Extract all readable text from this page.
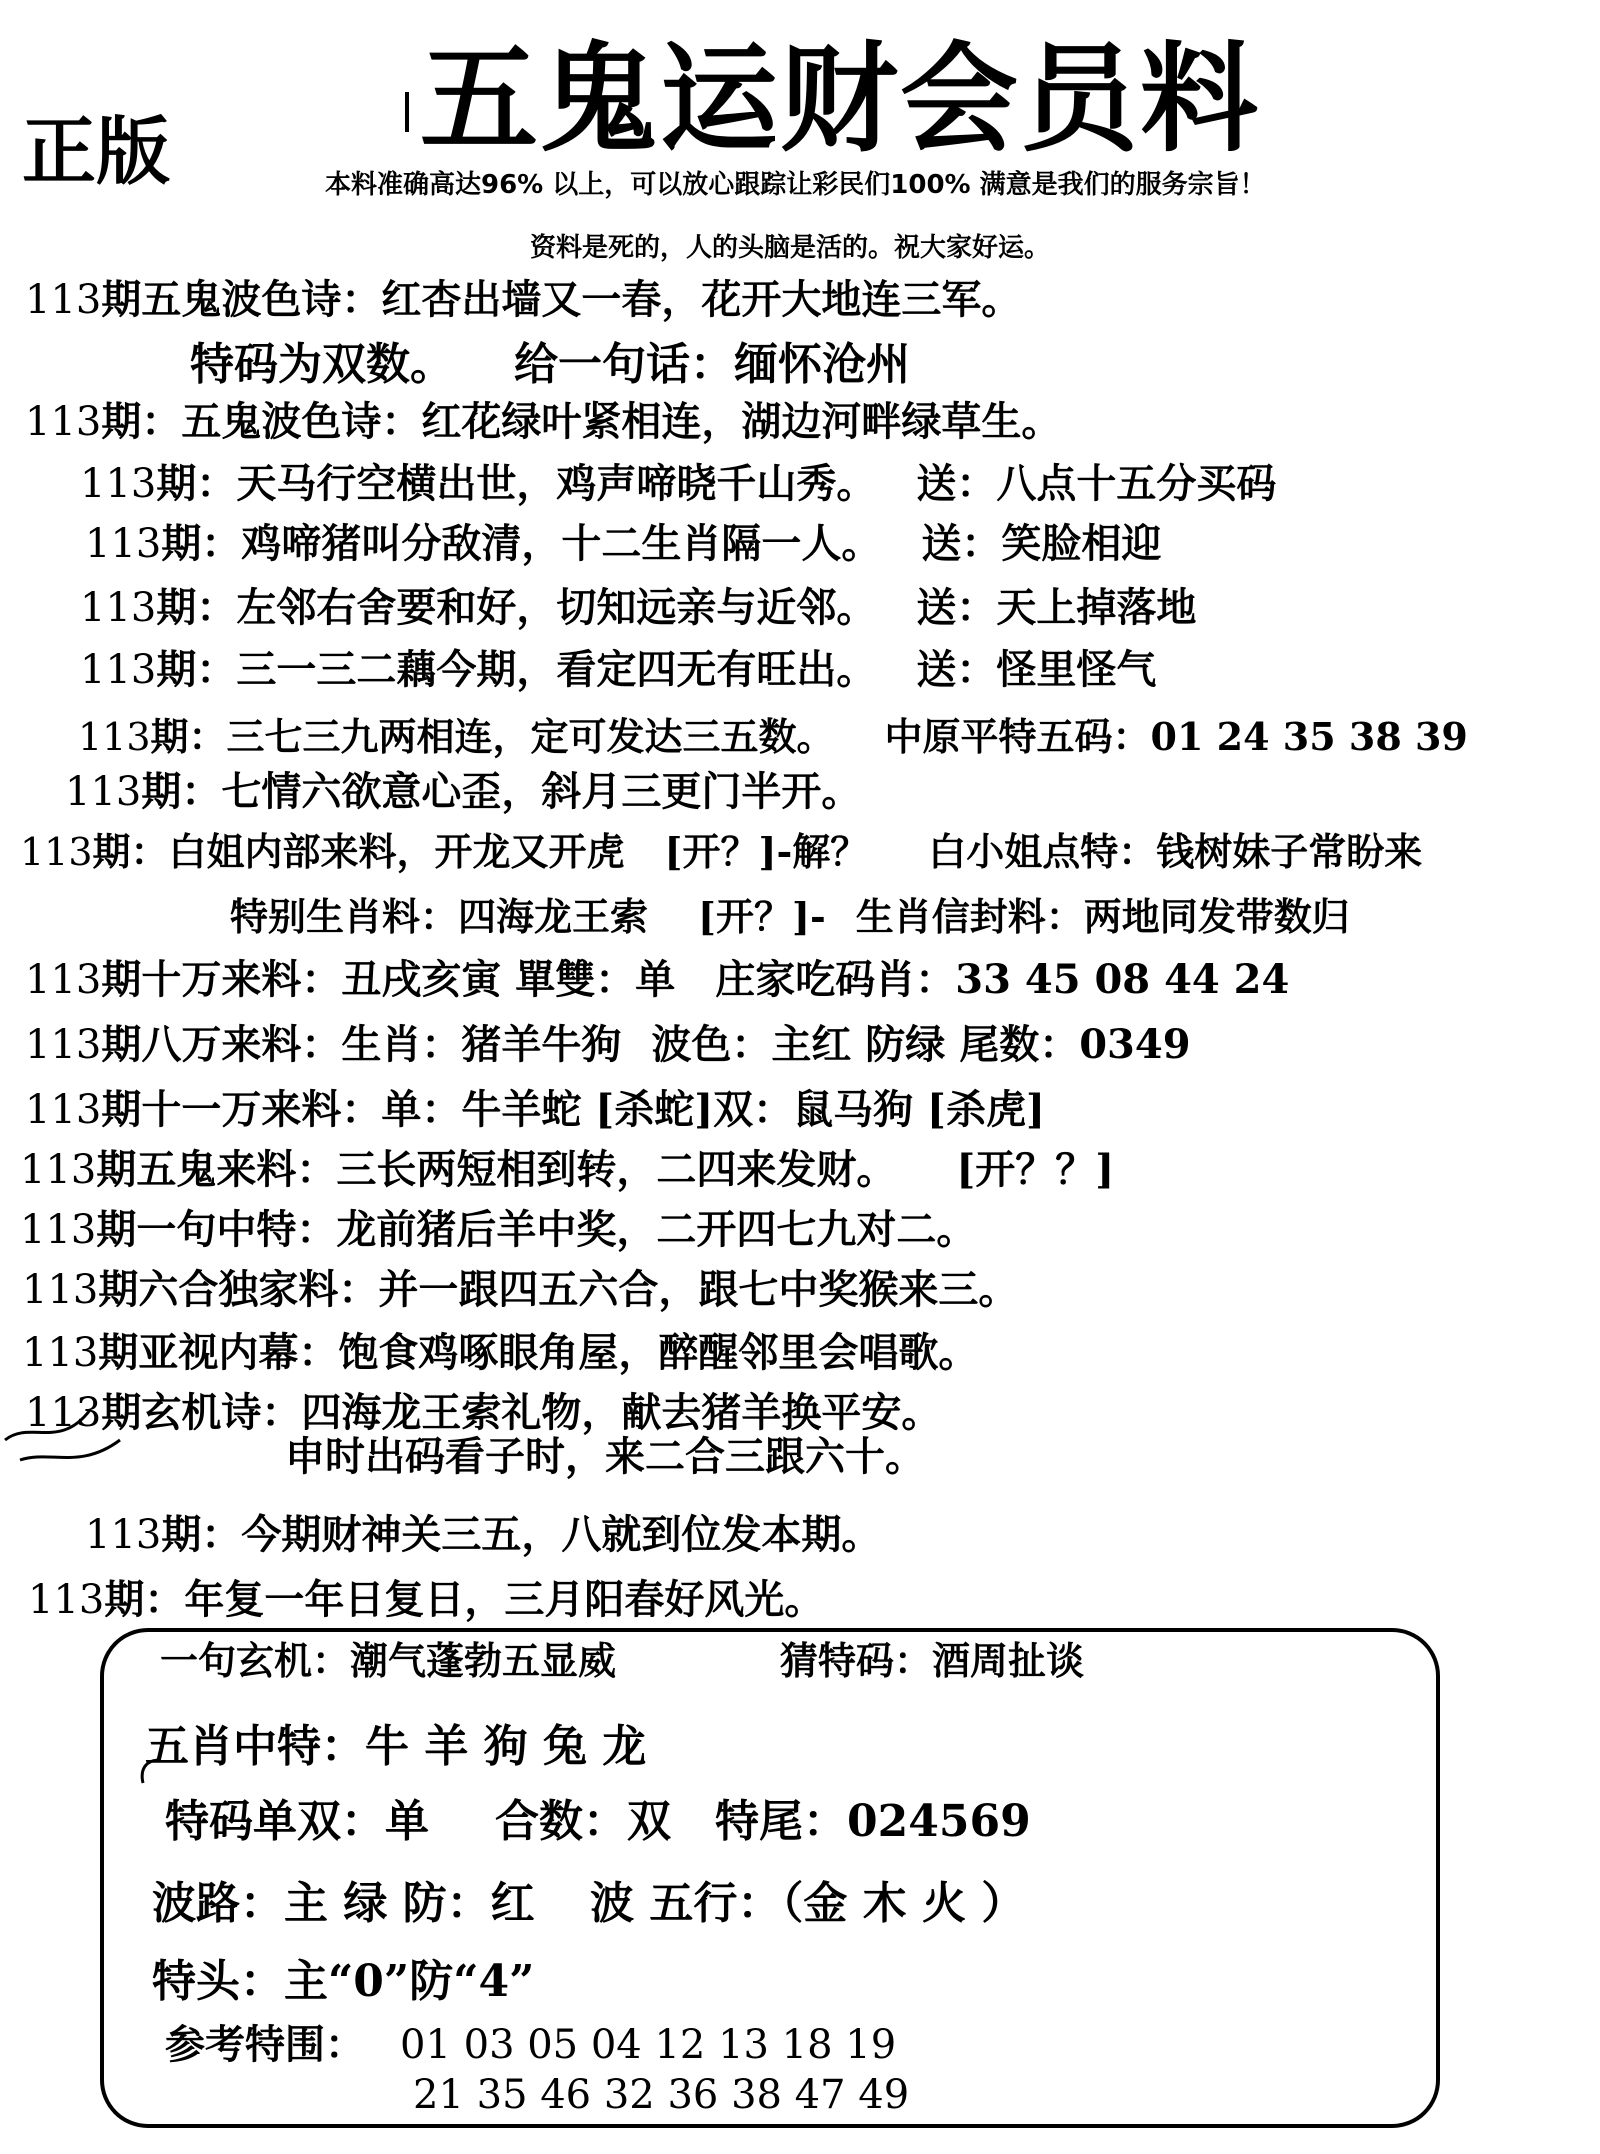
五鬼运财会员料
正版	本料准确高达96% 以上，可以放心跟踪让彩民们100% 满意是我们的服务宗旨！
资料是死的，人的头脑是活的。祝大家好运。
113期五鬼波色诗：红杏出墙又一春，花开大地连三军。
特码为双数。 给一句话：缅怀沧州
113期：五鬼波色诗：红花绿叶紧相连，湖边河畔绿草生。
113期：天马行空横出世，鸡声啼晓千山秀。 送：八点十五分买码
113期：鸡啼猪叫分敌清，十二生肖隔一人。 送：笑脸相迎
113期：左邻右舍要和好，切知远亲与近邻。 送：天上掉落地
113期：三一三二藕今期，看定四无有旺出。 送：怪里怪气
113期：三七三九两相连，定可发达三五数。 中原平特五码：01 24 35 38 39
113期：七情六欲意心歪，斜月三更门半开。
113期：白姐内部来料，开龙又开虎 [开？]-解？ 白小姐点特：钱树妹子常盼来
特别生肖料：四海龙王索 [开？]- 生肖信封料：两地同发带数归
113期十万来料：丑戌亥寅 單雙：单 庄家吃码肖：33 45 08 44 24
113期八万来料：生肖：猪羊牛狗 波色：主红 防绿 尾数：0349
113期十一万来料：单：牛羊蛇 [杀蛇]双：鼠马狗 [杀虎]
113期五鬼来料：三长两短相到转，二四来发财。 [开？？]
113期一句中特：龙前猪后羊中奖，二开四七九对二。
113期六合独家料：并一跟四五六合，跟七中奖猴来三。
113期亚视内幕：饱食鸡啄眼角屋，醉醒邻里会唱歌。
113期玄机诗：四海龙王索礼物，献去猪羊换平安。
申时出码看子时，来二合三跟六十。
113期：今期财神关三五，八就到位发本期。
113期：年复一年日复日，三月阳春好风光。
一句玄机：潮气蓬勃五显威	猜特码：酒周扯谈
五肖中特：牛 羊 狗 兔 龙
特码单双：单 合数：双 特尾：024569
波路：主 绿 防：红 波 五行：（金 木 火 ）
特头：主“0”防“4”
参考特围： 01 03 05 04 12 13 18 19
21 35 46 32 36 38 47 49
